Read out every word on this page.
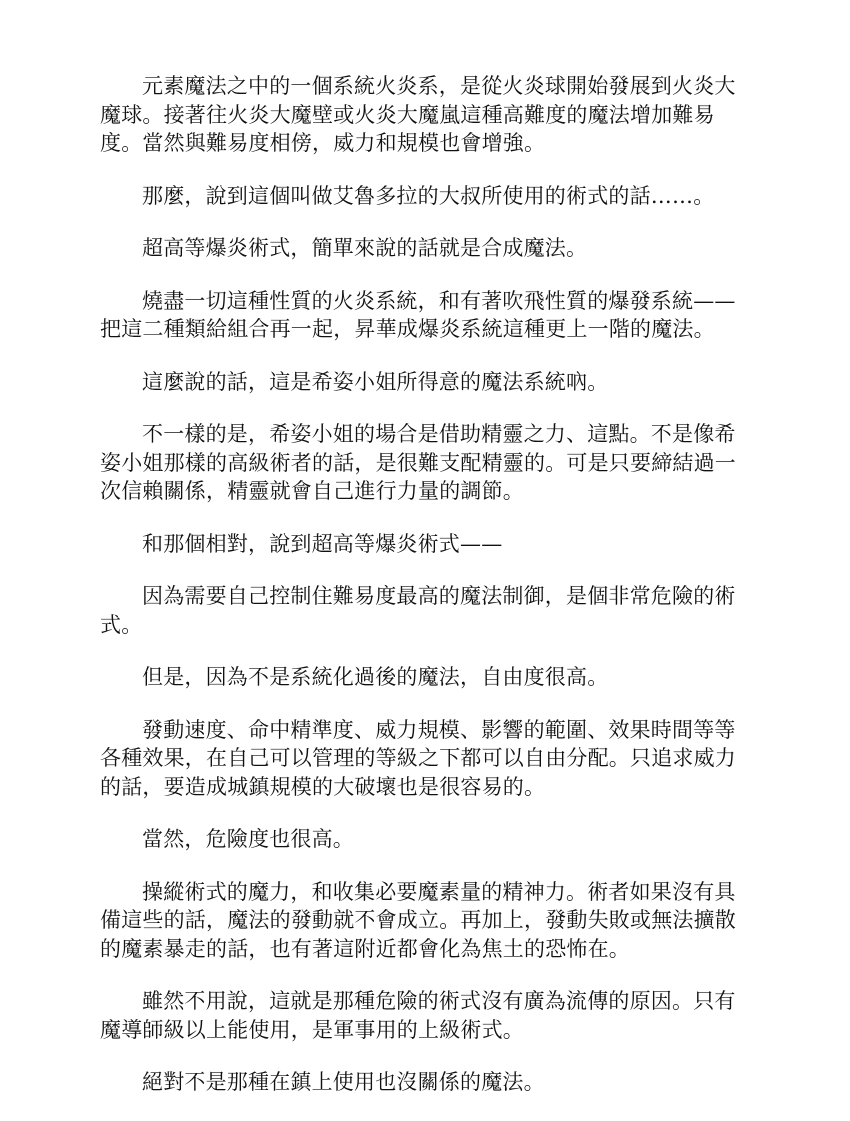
元素魔法之中的一個系統火炎系，是從火炎球開始發展到火炎大魔球。接著往火炎大魔壁或火炎大魔嵐這種高難度的魔法增加難易度。當然與難易度相傍，威力和規模也會增強。

那麼，說到這個叫做艾魯多拉的大叔所使用的術式的話……。

超高等爆炎術式，簡單來說的話就是合成魔法。

燒盡一切這種性質的火炎系統，和有著吹飛性質的爆發系統——把這二種類給組合再一起，昇華成爆炎系統這種更上一階的魔法。

這麼說的話，這是希姿小姐所得意的魔法系統吶。

不一樣的是，希姿小姐的場合是借助精靈之力、這點。不是像希姿小姐那樣的高級術者的話，是很難支配精靈的。可是只要締結過一次信賴關係，精靈就會自己進行力量的調節。

和那個相對，說到超高等爆炎術式——

因為需要自己控制住難易度最高的魔法制御，是個非常危險的術式。

但是，因為不是系統化過後的魔法，自由度很高。

發動速度、命中精準度、威力規模、影響的範圍、效果時間等等各種效果，在自己可以管理的等級之下都可以自由分配。只追求威力的話，要造成城鎮規模的大破壞也是很容易的。

當然，危險度也很高。

操縱術式的魔力，和收集必要魔素量的精神力。術者如果沒有具備這些的話，魔法的發動就不會成立。再加上，發動失敗或無法擴散的魔素暴走的話，也有著這附近都會化為焦土的恐怖在。

雖然不用說，這就是那種危險的術式沒有廣為流傳的原因。只有魔導師級以上能使用，是軍事用的上級術式。

絕對不是那種在鎮上使用也沒關係的魔法。
